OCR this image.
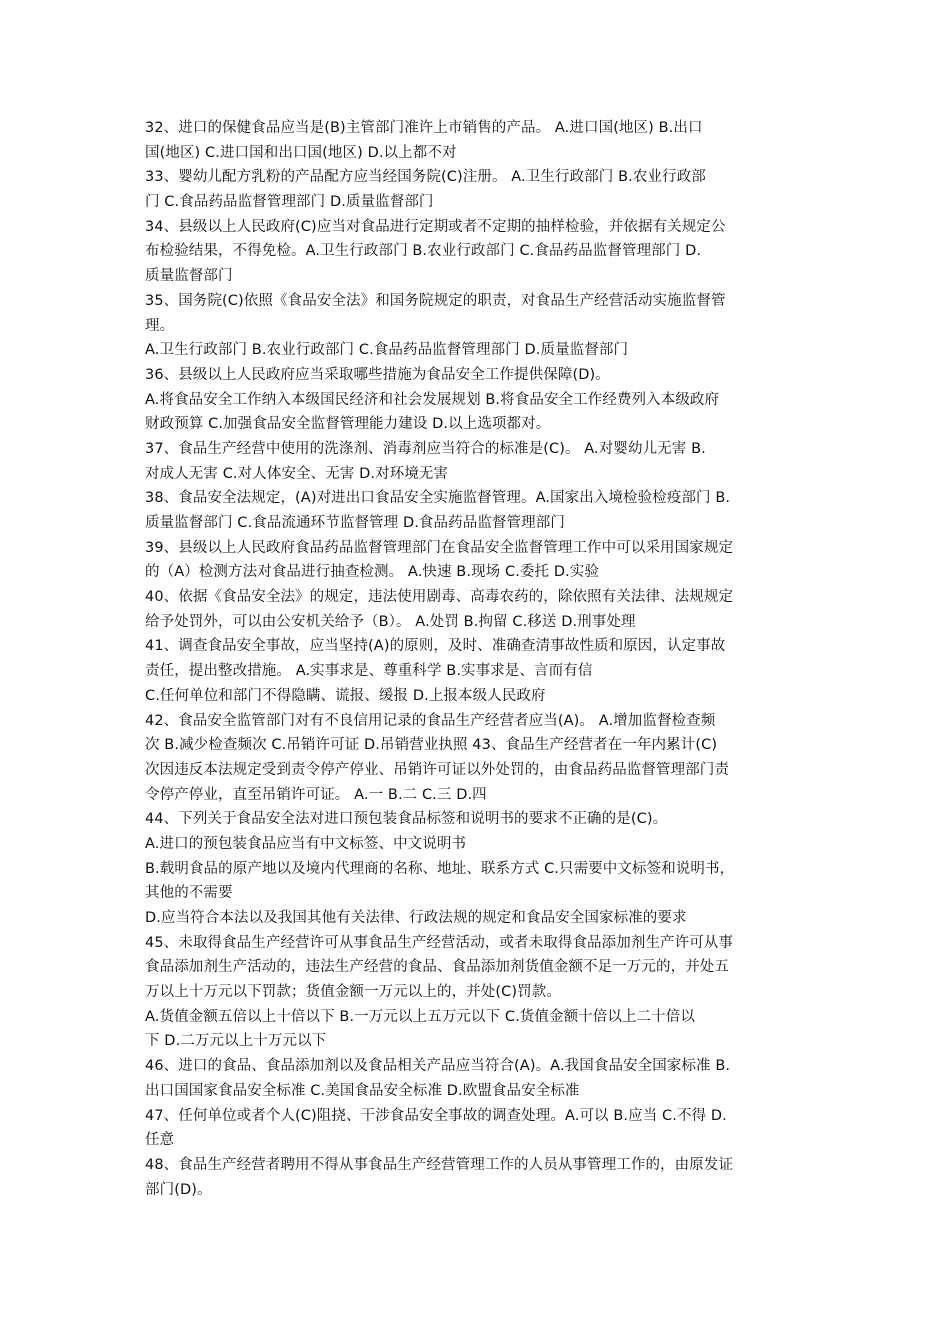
32、进口的保健食品应当是(B)主管部门准许上市销售的产品。 A.进口国(地区) B.出口
国(地区) C.进口国和出口国(地区) D.以上都不对
33、婴幼儿配方乳粉的产品配方应当经国务院(C)注册。 A.卫生行政部门 B.农业行政部
门 C.食品药品监督管理部门 D.质量监督部门
34、县级以上人民政府(C)应当对食品进行定期或者不定期的抽样检验，并依据有关规定公
布检验结果，不得免检。A.卫生行政部门 B.农业行政部门 C.食品药品监督管理部门 D.
质量监督部门
35、国务院(C)依照《食品安全法》和国务院规定的职责，对食品生产经营活动实施监督管
理。
A.卫生行政部门 B.农业行政部门 C.食品药品监督管理部门 D.质量监督部门
36、县级以上人民政府应当采取哪些措施为食品安全工作提供保障(D)。
A.将食品安全工作纳入本级国民经济和社会发展规划 B.将食品安全工作经费列入本级政府
财政预算 C.加强食品安全监督管理能力建设 D.以上选项都对。
37、食品生产经营中使用的洗涤剂、消毒剂应当符合的标准是(C)。 A.对婴幼儿无害 B.
对成人无害 C.对人体安全、无害 D.对环境无害
38、食品安全法规定，(A)对进出口食品安全实施监督管理。A.国家出入境检验检疫部门 B.
质量监督部门 C.食品流通环节监督管理 D.食品药品监督管理部门
39、县级以上人民政府食品药品监督管理部门在食品安全监督管理工作中可以采用国家规定
的（A）检测方法对食品进行抽查检测。 A.快速 B.现场 C.委托 D.实验
40、依据《食品安全法》的规定，违法使用剧毒、高毒农药的，除依照有关法律、法规规定
给予处罚外，可以由公安机关给予（B）。 A.处罚 B.拘留 C.移送 D.刑事处理
41、调查食品安全事故，应当坚持(A)的原则，及时、准确查清事故性质和原因，认定事故
责任，提出整改措施。 A.实事求是、尊重科学 B.实事求是、言而有信
C.任何单位和部门不得隐瞒、谎报、缓报 D.上报本级人民政府
42、食品安全监管部门对有不良信用记录的食品生产经营者应当(A)。 A.增加监督检查频
次 B.减少检查频次 C.吊销许可证 D.吊销营业执照 43、食品生产经营者在一年内累计(C)
次因违反本法规定受到责令停产停业、吊销许可证以外处罚的，由食品药品监督管理部门责
令停产停业，直至吊销许可证。 A.一 B.二 C.三 D.四
44、下列关于食品安全法对进口预包装食品标签和说明书的要求不正确的是(C)。
A.进口的预包装食品应当有中文标签、中文说明书
B.载明食品的原产地以及境内代理商的名称、地址、联系方式 C.只需要中文标签和说明书，
其他的不需要
D.应当符合本法以及我国其他有关法律、行政法规的规定和食品安全国家标准的要求
45、未取得食品生产经营许可从事食品生产经营活动，或者未取得食品添加剂生产许可从事
食品添加剂生产活动的，违法生产经营的食品、食品添加剂货值金额不足一万元的，并处五
万以上十万元以下罚款；货值金额一万元以上的，并处(C)罚款。
A.货值金额五倍以上十倍以下 B.一万元以上五万元以下 C.货值金额十倍以上二十倍以
下 D.二万元以上十万元以下
46、进口的食品、食品添加剂以及食品相关产品应当符合(A)。A.我国食品安全国家标准 B.
出口国国家食品安全标准 C.美国食品安全标准 D.欧盟食品安全标准
47、任何单位或者个人(C)阻挠、干涉食品安全事故的调查处理。A.可以 B.应当 C.不得 D.
任意
48、食品生产经营者聘用不得从事食品生产经营管理工作的人员从事管理工作的，由原发证
部门(D)。
